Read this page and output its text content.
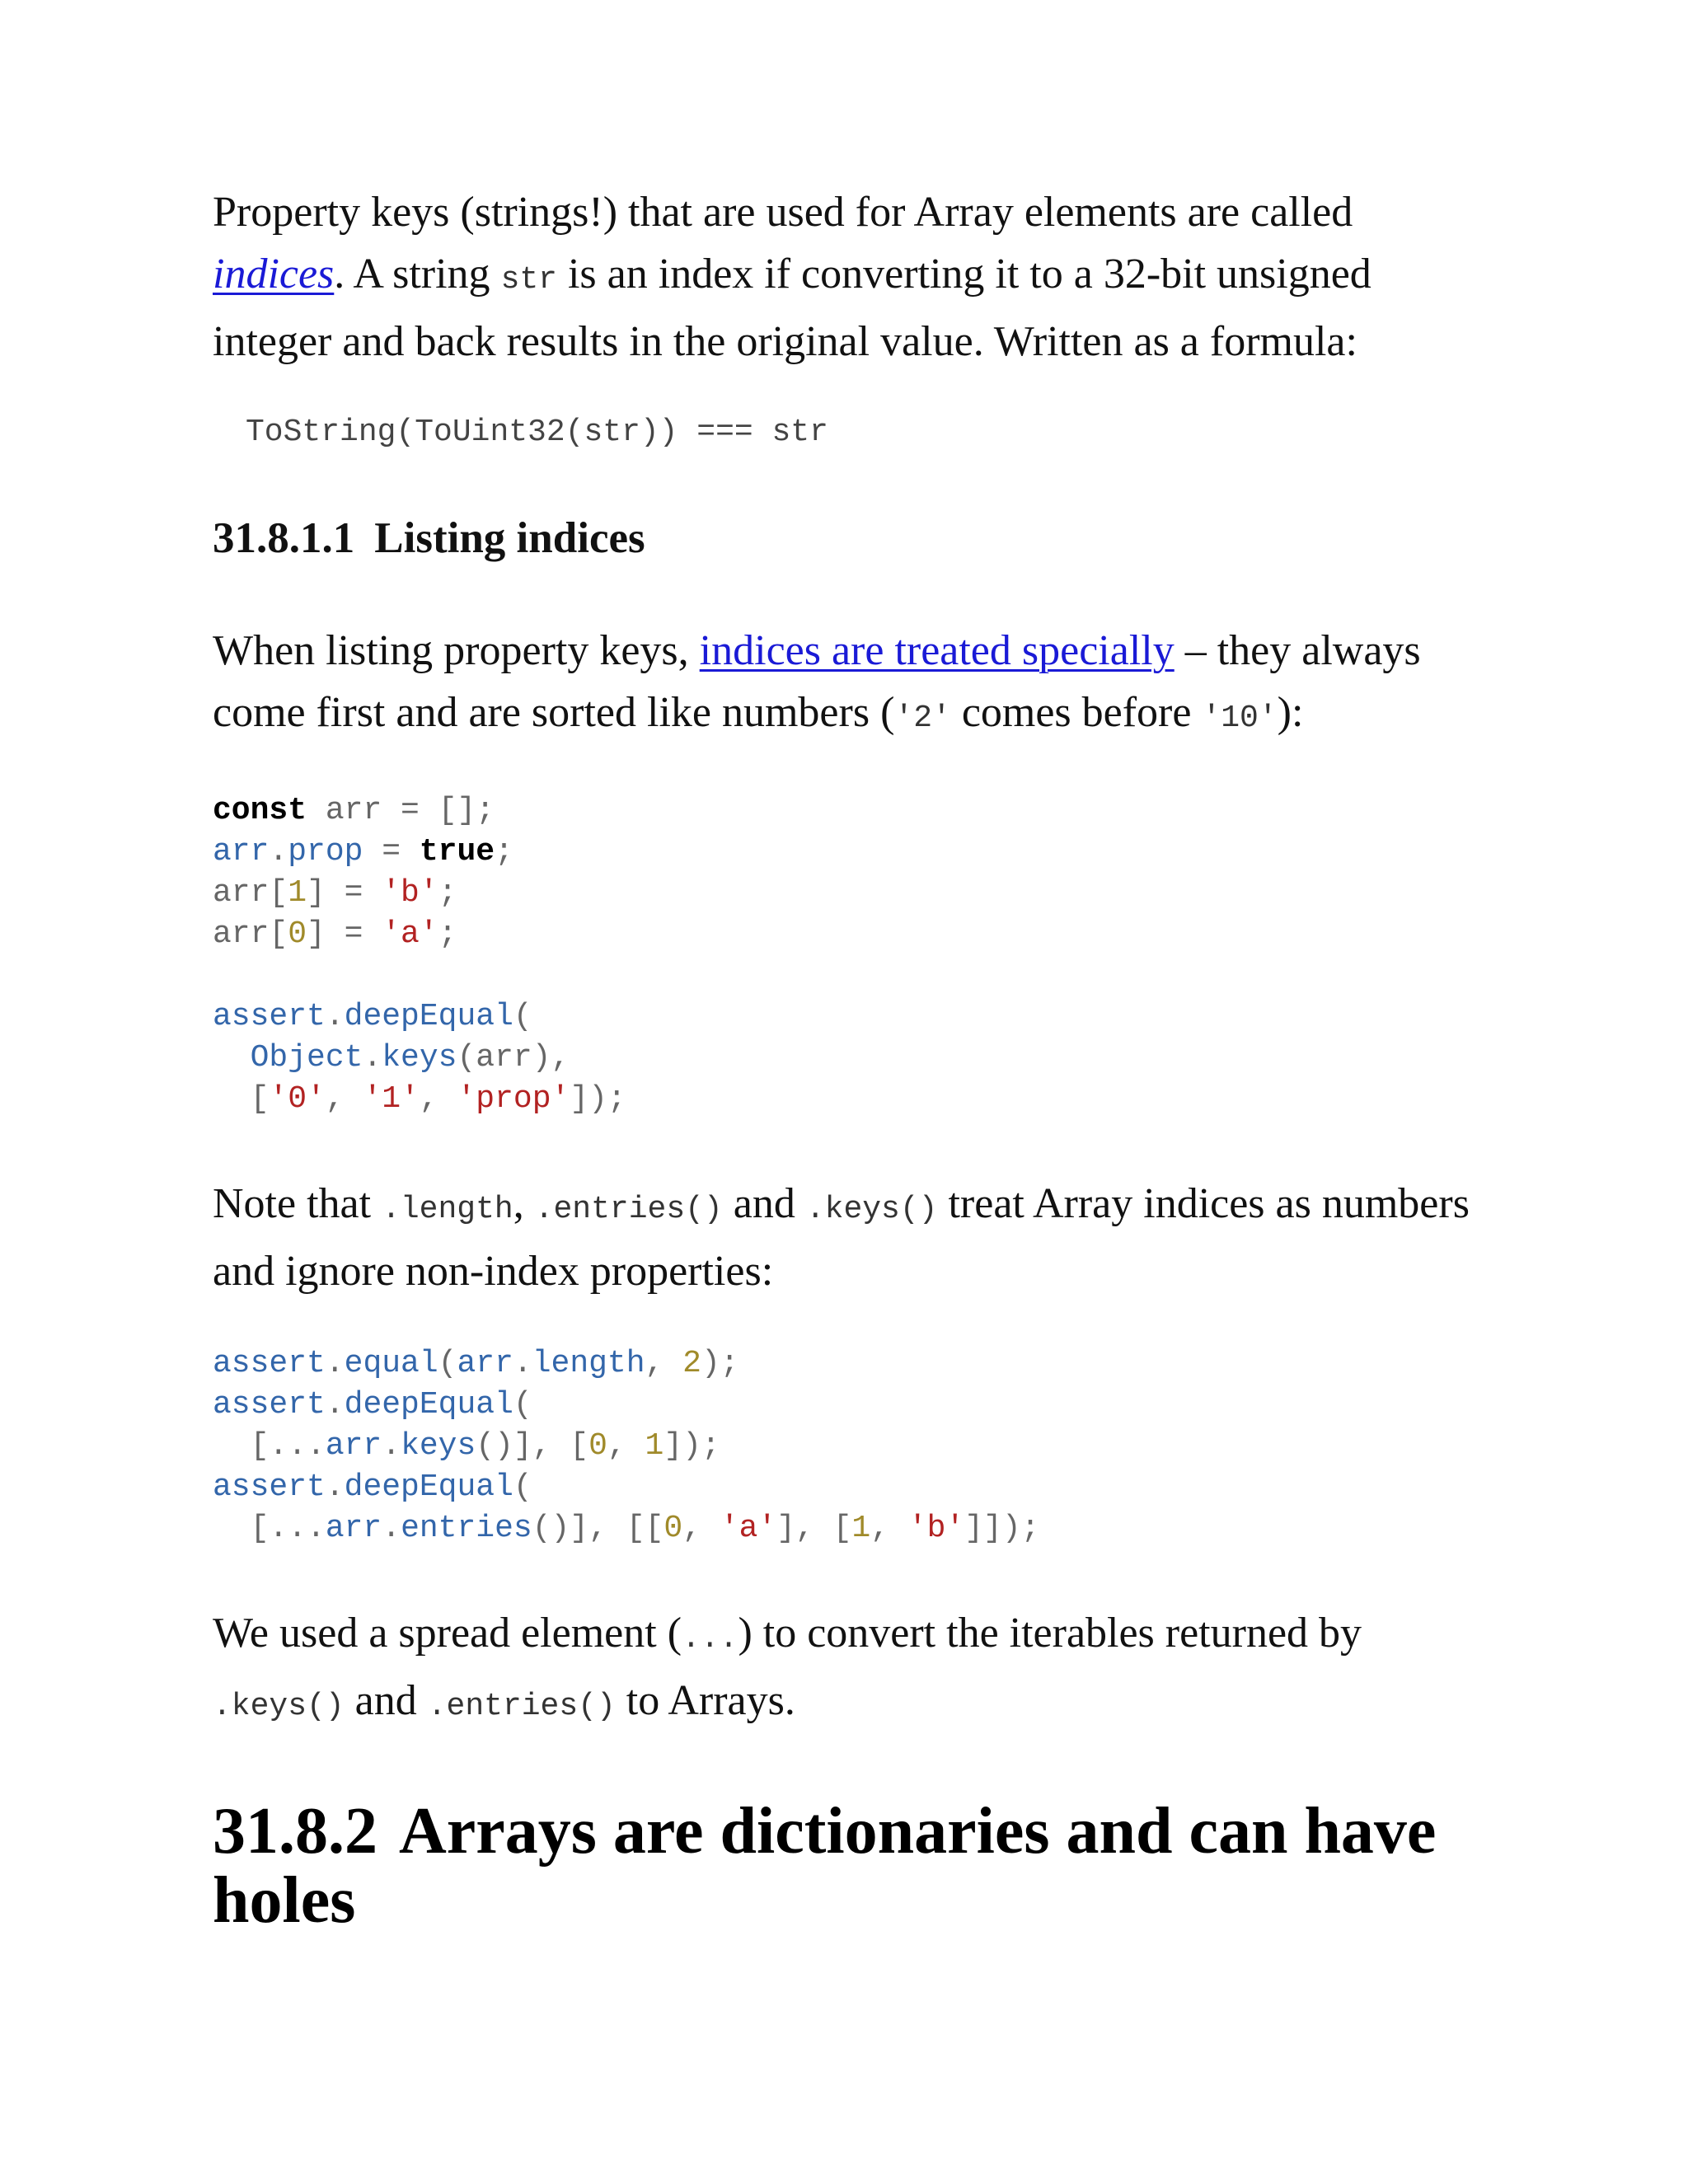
Property keys (strings!) that are used for Array elements are called indices. A string str is an index if converting it to a 32-bit unsigned integer and back results in the original value. Written as a formula:

ToString(ToUint32(str)) === str
31.8.1.1 Listing indices

When listing property keys, indices are treated specially – they always come first and are sorted like numbers ('2' comes before '10'):

const arr = [];
arr.prop = true;
arr[1] = 'b';
arr[0] = 'a';

assert.deepEqual(
Object.keys(arr),
['0', '1', 'prop']);

Note that .length, .entries() and .keys() treat Array indices as numbers and ignore non-index properties:

assert.equal(arr.length, 2);
assert.deepEqual(
[...arr.keys()], [0, 1]);
assert.deepEqual(
[...arr.entries()], [[0, 'a'], [1, 'b']]);

We used a spread element (...) to convert the iterables returned by .keys() and .entries() to Arrays.

31.8.2 Arrays are dictionaries and can have holes
